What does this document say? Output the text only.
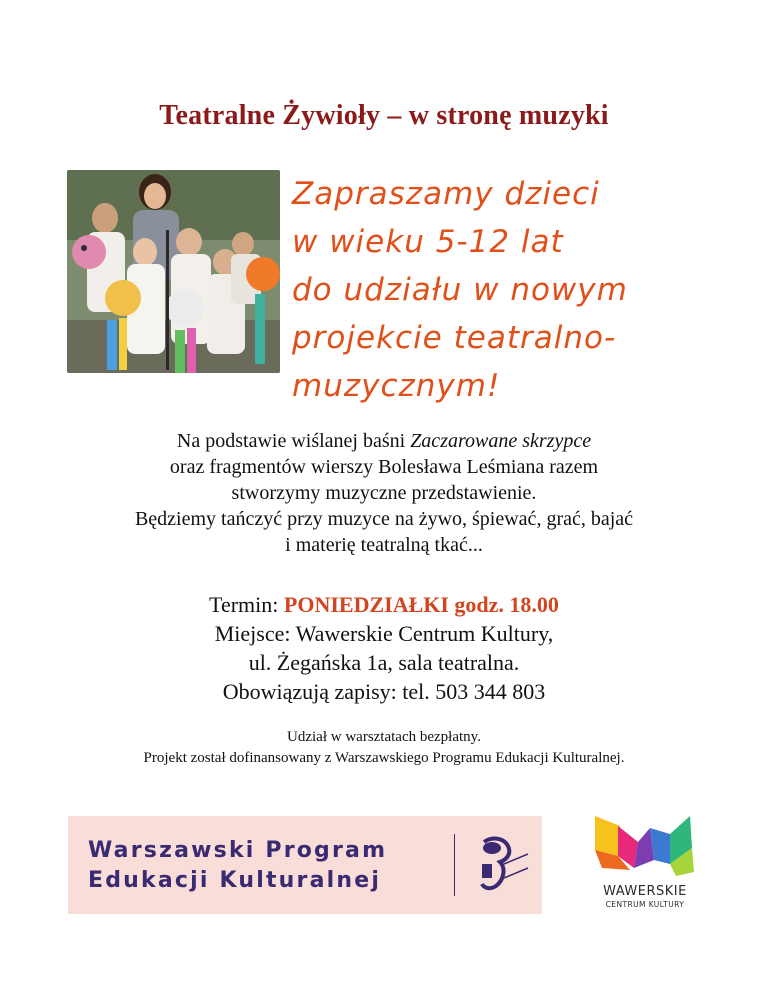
Teatralne Żywioły – w stronę muzyki
Zapraszamy dzieci
w wieku 5-12 lat
do udziału w nowym
projekcie teatralno-
muzycznym!
Na podstawie wiślanej baśni Zaczarowane skrzypce
oraz fragmentów wierszy Bolesława Leśmiana razem
stworzymy muzyczne przedstawienie.
Będziemy tańczyć przy muzyce na żywo, śpiewać, grać, bajać
i materię teatralną tkać...
Termin: PONIEDZIAŁKI godz. 18.00
Miejsce: Wawerskie Centrum Kultury,
ul. Żegańska 1a, sala teatralna.
Obowiązują zapisy: tel. 503 344 803
Udział w warsztatach bezpłatny.
Projekt został dofinansowany z Warszawskiego Programu Edukacji Kulturalnej.
Warszawski Program
Edukacji Kulturalnej	WAWERSKIE
CENTRUM KULTURY
